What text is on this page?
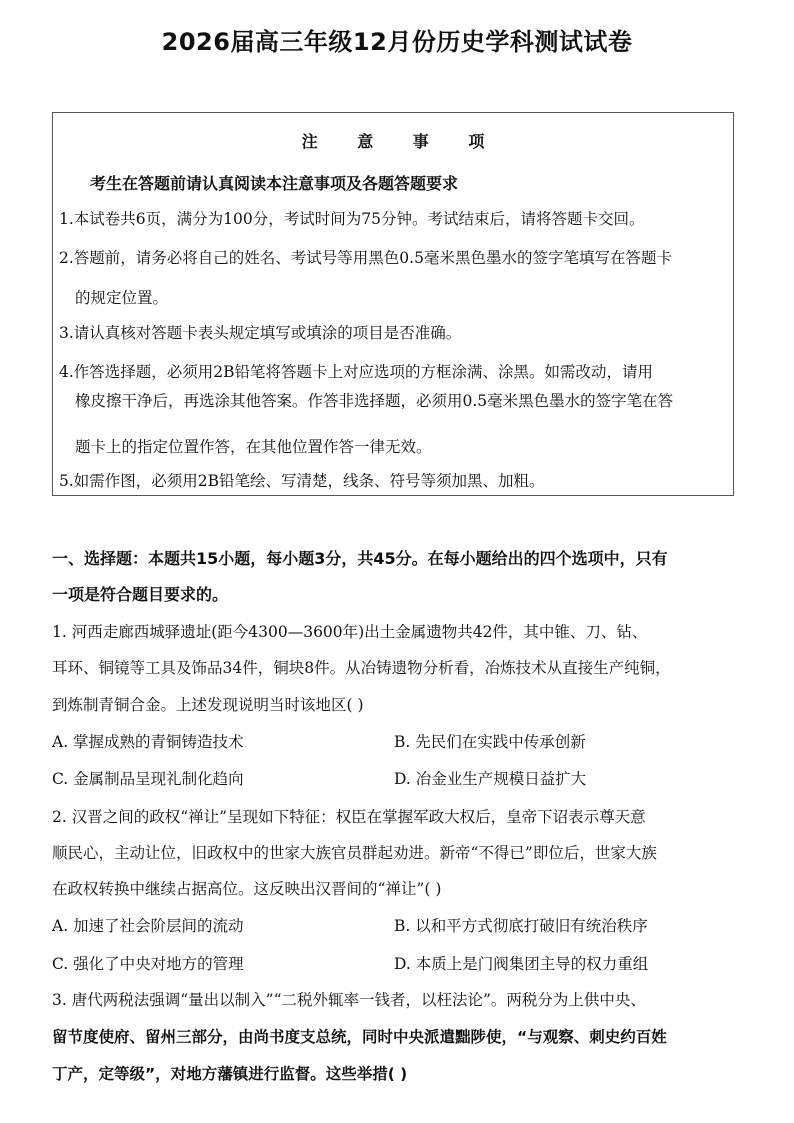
2026届高三年级12月份历史学科测试试卷
注 意 事 项
考生在答题前请认真阅读本注意事项及各题答题要求
1.本试卷共6页，满分为100分，考试时间为75分钟。考试结束后，请将答题卡交回。
2.答题前，请务必将自己的姓名、考试号等用黑色0.5毫米黑色墨水的签字笔填写在答题卡
的规定位置。
3.请认真核对答题卡表头规定填写或填涂的项目是否准确。
4.作答选择题，必须用2B铅笔将答题卡上对应选项的方框涂满、涂黑。如需改动，请用
橡皮擦干净后，再选涂其他答案。作答非选择题，必须用0.5毫米黑色墨水的签字笔在答
题卡上的指定位置作答，在其他位置作答一律无效。
5.如需作图，必须用2B铅笔绘、写清楚，线条、符号等须加黑、加粗。
一、选择题：本题共15小题，每小题3分，共45分。在每小题给出的四个选项中，只有
一项是符合题目要求的。
1. 河西走廊西城驿遗址(距今4300—3600年)出土金属遗物共42件，其中锥、刀、钻、
耳环、铜镜等工具及饰品34件，铜块8件。从冶铸遗物分析看，冶炼技术从直接生产纯铜，
到炼制青铜合金。上述发现说明当时该地区( )
A. 掌握成熟的青铜铸造技术	B. 先民们在实践中传承创新
C. 金属制品呈现礼制化趋向	D. 冶金业生产规模日益扩大
2. 汉晋之间的政权“禅让”呈现如下特征：权臣在掌握军政大权后，皇帝下诏表示尊天意
顺民心，主动让位，旧政权中的世家大族官员群起劝进。新帝“不得已”即位后，世家大族
在政权转换中继续占据高位。这反映出汉晋间的“禅让”( )
A. 加速了社会阶层间的流动	B. 以和平方式彻底打破旧有统治秩序
C. 强化了中央对地方的管理	D. 本质上是门阀集团主导的权力重组
3. 唐代两税法强调“量出以制入”“二税外辄率一钱者，以枉法论”。两税分为上供中央、
留节度使府、留州三部分，由尚书度支总统，同时中央派遣黜陟使，“与观察、刺史约百姓
丁产，定等级”，对地方藩镇进行监督。这些举措( )
